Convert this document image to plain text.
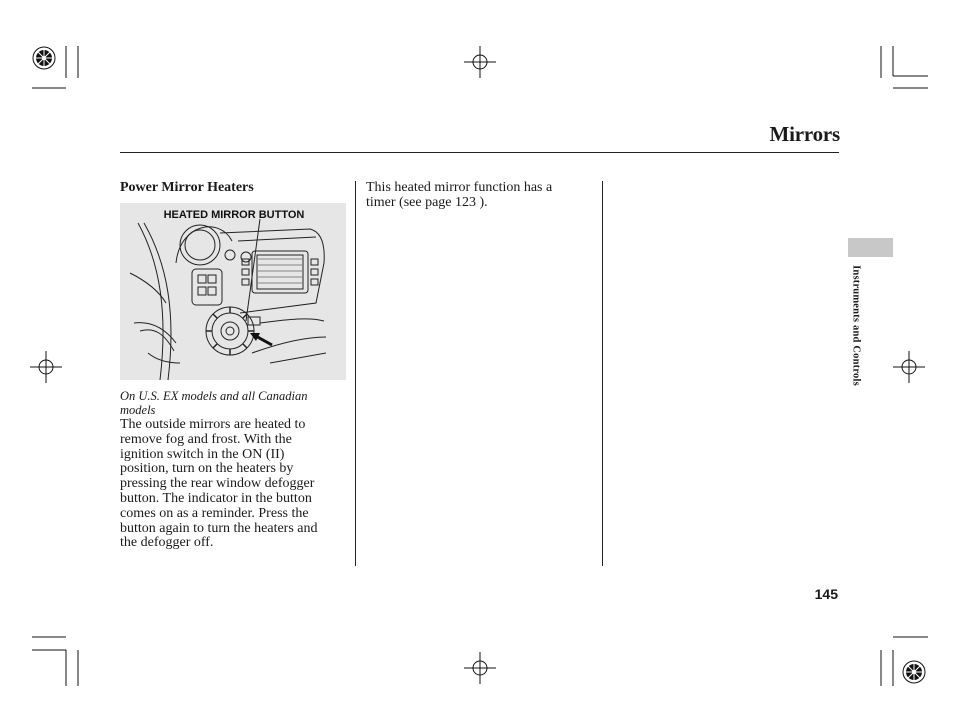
Mirrors
Power Mirror Heaters
HEATED MIRROR BUTTON
On U.S. EX models and all Canadian models
The outside mirrors are heated to
remove fog and frost. With the
ignition switch in the ON (II)
position, turn on the heaters by
pressing the rear window defogger
button. The indicator in the button
comes on as a reminder. Press the
button again to turn the heaters and
the defogger off.
This heated mirror function has a
timer (see page 123 ).
Instruments and Controls
145
